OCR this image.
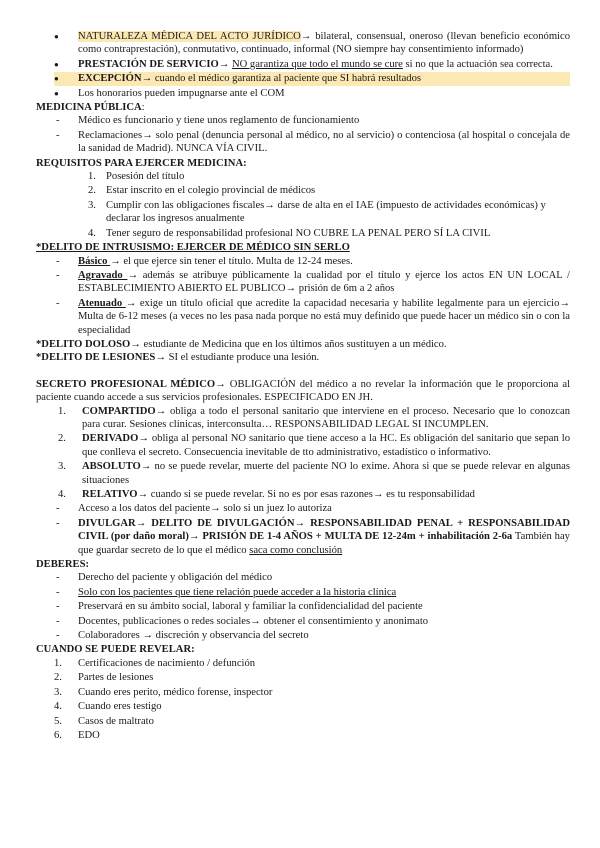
● NATURALEZA MÉDICA DEL ACTO JURÍDICO→ bilateral, consensual, oneroso (llevan beneficio económico como contraprestación), conmutativo, continuado, informal (NO siempre hay consentimiento informado)
● PRESTACIÓN DE SERVICIO→ NO garantiza que todo el mundo se cure si no que la actuación sea correcta.
● EXCEPCIÓN→ cuando el médico garantiza al paciente que SI habrá resultados
● Los honorarios pueden impugnarse ante el COM

MEDICINA PÚBLICA:

- Médico es funcionario y tiene unos reglamento de funcionamiento
- Reclamaciones→ solo penal (denuncia personal al médico, no al servicio) o contenciosa (al hospital o concejala de la sanidad de Madrid). NUNCA VÍA CIVIL.

REQUISITOS PARA EJERCER MEDICINA:

1. Posesión del título
2. Estar inscrito en el colegio provincial de médicos
3. Cumplir con las obligaciones fiscales→ darse de alta en el IAE (impuesto de actividades económicas) y declarar los ingresos anualmente
4. Tener seguro de responsabilidad profesional NO CUBRE LA PENAL PERO SÍ LA CIVIL

*DELITO DE INTRUSISMO: EJERCER DE MÉDICO SIN SERLO

- Básico → el que ejerce sin tener el título. Multa de 12-24 meses.
- Agravado → además se atribuye públicamente la cualidad por el título y ejerce los actos EN UN LOCAL / ESTABLECIMIENTO ABIERTO EL PUBLICO→ prisión de 6m a 2 años
- Atenuado → exige un título oficial que acredite la capacidad necesaria y habilite legalmente para un ejercicio→ Multa de 6-12 meses (a veces no les pasa nada porque no está muy definido que puede hacer un médico sin o con la especialidad

*DELITO DOLOSO→ estudiante de Medicina que en los últimos años sustituyen a un médico.

*DELITO DE LESIONES→ SI el estudiante produce una lesión.

SECRETO PROFESIONAL MÉDICO→ OBLIGACIÓN del médico a no revelar la información que le proporciona al paciente cuando accede a sus servicios profesionales. ESPECIFICADO EN JH.

1. COMPARTIDO→ obliga a todo el personal sanitario que interviene en el proceso. Necesario que lo conozcan para curar. Sesiones clínicas, interconsulta… RESPONSABILIDAD LEGAL SI INCUMPLEN.
2. DERIVADO→ obliga al personal NO sanitario que tiene acceso a la HC. Es obligación del sanitario que sepan lo que conlleva el secreto. Consecuencia inevitable de tto administrativo, estadístico o informativo.
3. ABSOLUTO→ no se puede revelar, muerte del paciente NO lo exime. Ahora si que se puede relevar en algunas situaciones
4. RELATIVO→ cuando si se puede revelar. Si no es por esas razones→ es tu responsabilidad
- Acceso a los datos del paciente→ solo si un juez lo autoriza
- DIVULGAR→ DELITO DE DIVULGACIÓN→ RESPONSABILIDAD PENAL + RESPONSABILIDAD CIVIL (por daño moral)→ PRISIÓN DE 1-4 AÑOS + MULTA DE 12-24m + inhabilitación 2-6a También hay que guardar secreto de lo que el médico saca como conclusión

DEBERES:

- Derecho del paciente y obligación del médico
- Solo con los pacientes que tiene relación puede acceder a la historia clínica
- Preservará en su ámbito social, laboral y familiar la confidencialidad del paciente
- Docentes, publicaciones o redes sociales→ obtener el consentimiento y anonimato
- Colaboradores → discreción y observancia del secreto

CUANDO SE PUEDE REVELAR:

1. Certificaciones de nacimiento / defunción
2. Partes de lesiones
3. Cuando eres perito, médico forense, inspector
4. Cuando eres testigo
5. Casos de maltrato
6. EDO
